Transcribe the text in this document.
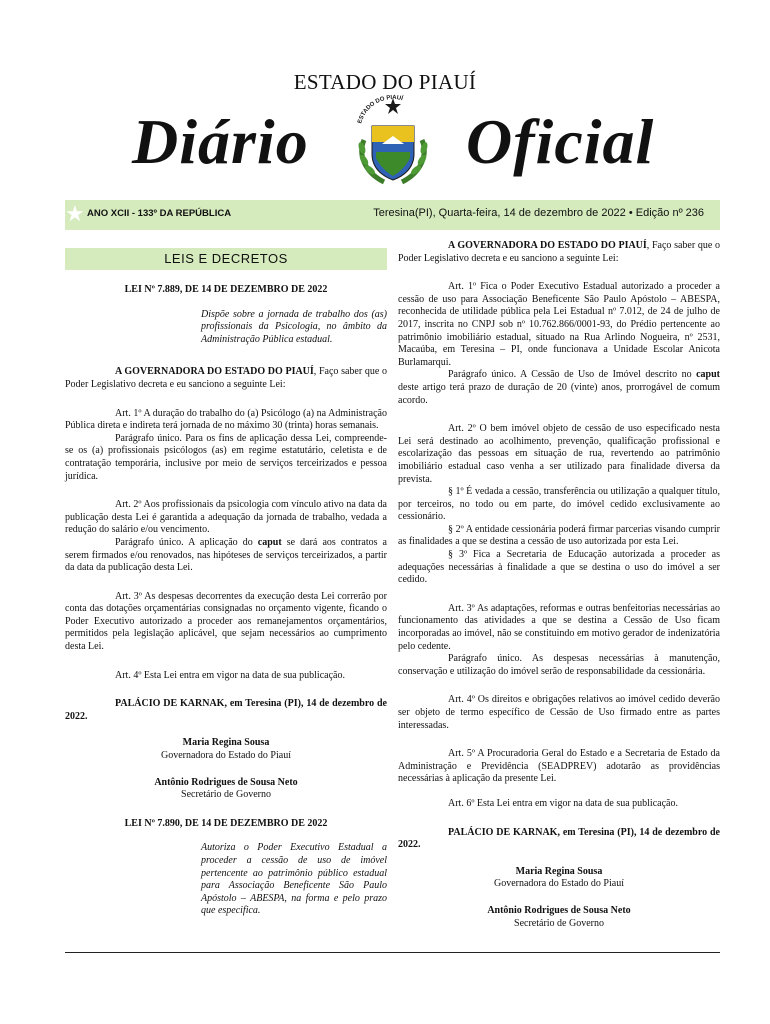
ESTADO DO PIAUÍ
Diário Oficial
ESTADO DO PIAUÍ
★ ANO XCII - 133º DA REPÚBLICA	Teresina(PI), Quarta-feira, 14 de dezembro de 2022 • Edição nº 236
LEIS E DECRETOS
LEI Nº 7.889, DE 14 DE DEZEMBRO DE 2022
Dispõe sobre a jornada de trabalho dos (as) profissionais da Psicologia, no âmbito da Administração Pública estadual.

A GOVERNADORA DO ESTADO DO PIAUÍ, Faço saber que o Poder Legislativo decreta e eu sanciono a seguinte Lei:

Art. 1º A duração do trabalho do (a) Psicólogo (a) na Administração Pública direta e indireta terá jornada de no máximo 30 (trinta) horas semanais.

Parágrafo único. Para os fins de aplicação dessa Lei, compreende-se os (a) profissionais psicólogos (as) em regime estatutário, celetista e de contratação temporária, inclusive por meio de serviços terceirizados e pessoa jurídica.

Art. 2º Aos profissionais da psicologia com vínculo ativo na data da publicação desta Lei é garantida a adequação da jornada de trabalho, vedada a redução do salário e/ou vencimento.

Parágrafo único. A aplicação do caput se dará aos contratos a serem firmados e/ou renovados, nas hipóteses de serviços terceirizados, a partir da data da publicação desta Lei.

Art. 3º As despesas decorrentes da execução desta Lei correrão por conta das dotações orçamentárias consignadas no orçamento vigente, ficando o Poder Executivo autorizado a proceder aos remanejamentos orçamentários, permitidos pela legislação aplicável, que sejam necessários ao cumprimento desta Lei.

Art. 4º Esta Lei entra em vigor na data de sua publicação.

PALÁCIO DE KARNAK, em Teresina (PI), 14 de dezembro de 2022.

Maria Regina Sousa
Governadora do Estado do Piauí
Antônio Rodrigues de Sousa Neto
Secretário de Governo
LEI Nº 7.890, DE 14 DE DEZEMBRO DE 2022
Autoriza o Poder Executivo Estadual a proceder a cessão de uso de imóvel pertencente ao patrimônio público estadual para Associação Beneficente São Paulo Apóstolo – ABESPA, na forma e pelo prazo que especifica.

A GOVERNADORA DO ESTADO DO PIAUÍ, Faço saber que o Poder Legislativo decreta e eu sanciono a seguinte Lei:

Art. 1º Fica o Poder Executivo Estadual autorizado a proceder a cessão de uso para Associação Beneficente São Paulo Apóstolo – ABESPA, reconhecida de utilidade pública pela Lei Estadual nº 7.012, de 24 de julho de 2017, inscrita no CNPJ sob nº 10.762.866/0001-93, do Prédio pertencente ao patrimônio imobiliário estadual, situado na Rua Arlindo Nogueira, nº 2531, Macaúba, em Teresina – PI, onde funcionava a Unidade Escolar Anicota Burlamarqui.

Parágrafo único. A Cessão de Uso de Imóvel descrito no caput deste artigo terá prazo de duração de 20 (vinte) anos, prorrogável de comum acordo.

Art. 2º O bem imóvel objeto de cessão de uso especificado nesta Lei será destinado ao acolhimento, prevenção, qualificação profissional e escolarização das pessoas em situação de rua, revertendo ao patrimônio imobiliário estadual caso venha a ser utilizado para finalidade diversa da prevista.

§ 1º É vedada a cessão, transferência ou utilização a qualquer título, por terceiros, no todo ou em parte, do imóvel cedido exclusivamente ao cessionário.

§ 2º A entidade cessionária poderá firmar parcerias visando cumprir as finalidades a que se destina a cessão de uso autorizada por esta Lei.

§ 3º Fica a Secretaria de Educação autorizada a proceder as adequações necessárias à finalidade a que se destina o uso do imóvel a ser cedido.

Art. 3º As adaptações, reformas e outras benfeitorias necessárias ao funcionamento das atividades a que se destina a Cessão de Uso ficam incorporadas ao imóvel, não se constituindo em motivo gerador de indenizatória pelo cedente.

Parágrafo único. As despesas necessárias à manutenção, conservação e utilização do imóvel serão de responsabilidade da cessionária.

Art. 4º Os direitos e obrigações relativos ao imóvel cedido deverão ser objeto de termo específico de Cessão de Uso firmado entre as partes interessadas.

Art. 5º A Procuradoria Geral do Estado e a Secretaria de Estado da Administração e Previdência (SEADPREV) adotarão as providências necessárias à aplicação da presente Lei.

Art. 6º Esta Lei entra em vigor na data de sua publicação.

PALÁCIO DE KARNAK, em Teresina (PI), 14 de dezembro de 2022.

Maria Regina Sousa
Governadora do Estado do Piauí
Antônio Rodrigues de Sousa Neto
Secretário de Governo
